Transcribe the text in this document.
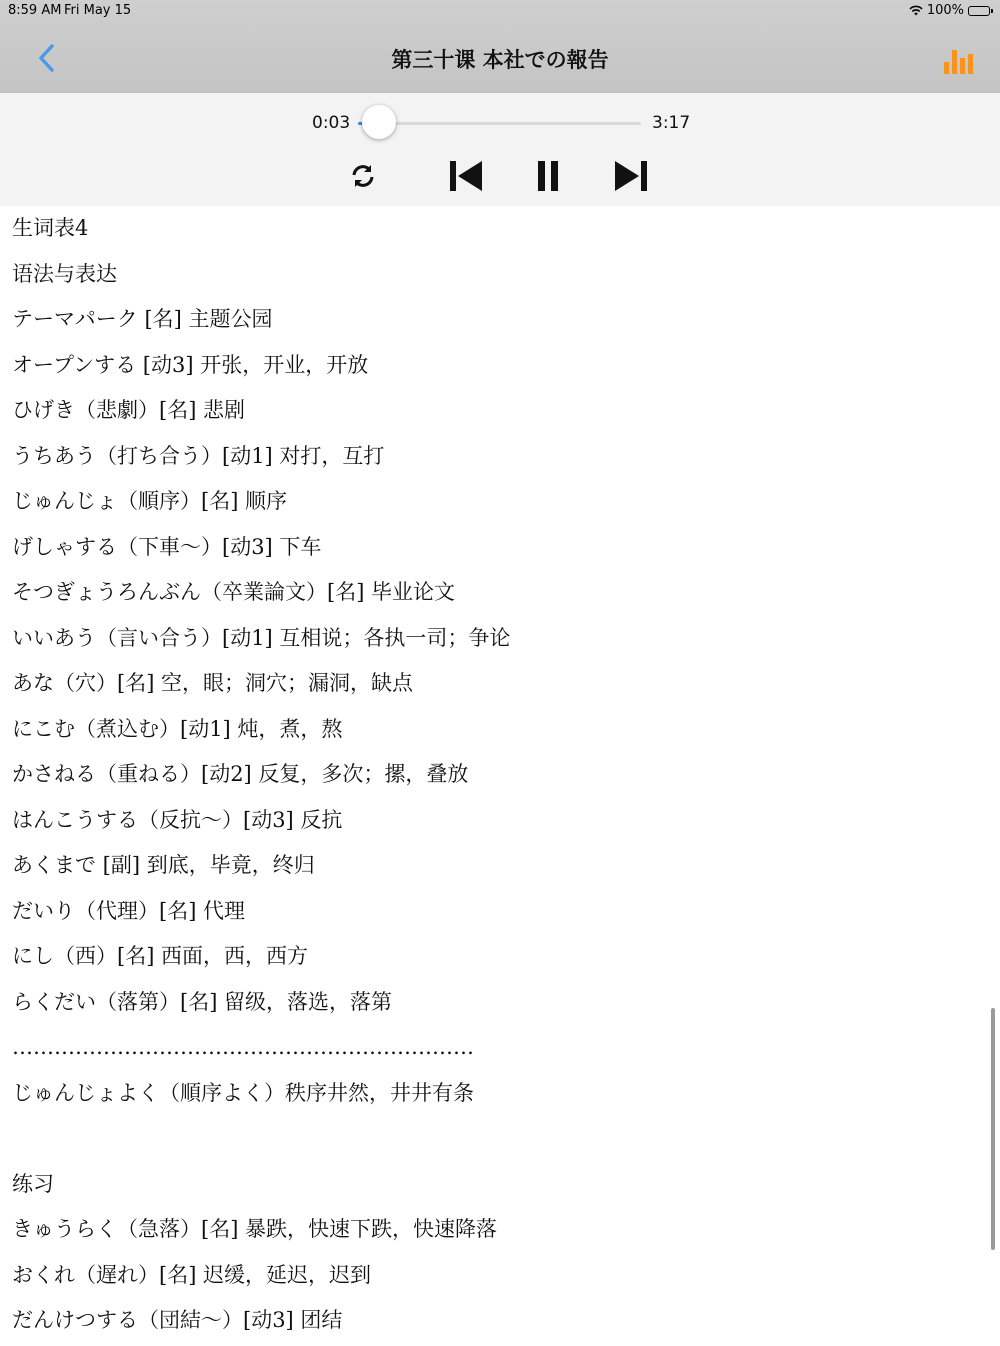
8:59 AM Fri May 15	100%
第三十课 本社での報告
0:03	3:17
生词表4
语法与表达
テーマパーク [名] 主题公园
オープンする [动3] 开张，开业，开放
ひげき（悲劇）[名] 悲剧
うちあう（打ち合う）[动1] 对打，互打
じゅんじょ（順序）[名] 顺序
げしゃする（下車～）[动3] 下车
そつぎょうろんぶん（卒業論文）[名] 毕业论文
いいあう（言い合う）[动1] 互相说；各执一司；争论
あな（穴）[名] 空，眼；洞穴；漏洞，缺点
にこむ（煮込む）[动1] 炖，煮，熬
かさねる（重ねる）[动2] 反复，多次；摞，叠放
はんこうする（反抗～）[动3] 反抗
あくまで [副] 到底，毕竟，终归
だいり（代理）[名] 代理
にし（西）[名] 西面，西，西方
らくだい（落第）[名] 留级，落选，落第
…………………………………………………………
じゅんじょよく（順序よく）秩序井然，井井有条
练习
きゅうらく（急落）[名] 暴跌，快速下跌，快速降落
おくれ（遅れ）[名] 迟缓，延迟，迟到
だんけつする（団結～）[动3] 团结
